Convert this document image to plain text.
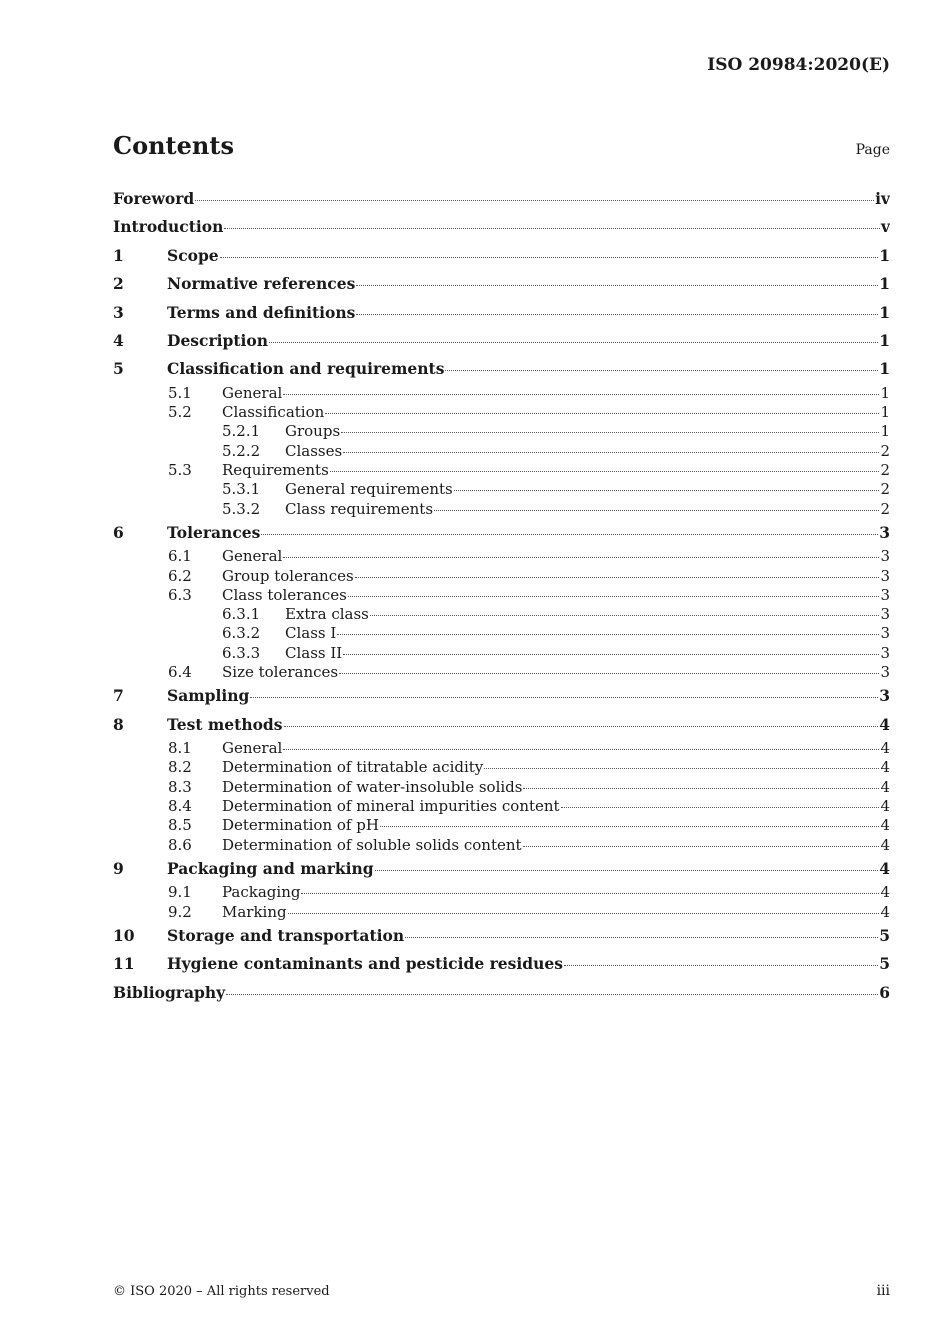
ISO 20984:2020(E)
Contents	Page
Foreword	iv
Introduction	v
1	Scope	1
2	Normative references	1
3	Terms and definitions	1
4	Description	1
5	Classification and requirements	1
5.1	General	1
5.2	Classification	1
5.2.1	Groups	1
5.2.2	Classes	2
5.3	Requirements	2
5.3.1	General requirements	2
5.3.2	Class requirements	2
6	Tolerances	3
6.1	General	3
6.2	Group tolerances	3
6.3	Class tolerances	3
6.3.1	Extra class	3
6.3.2	Class I	3
6.3.3	Class II	3
6.4	Size tolerances	3
7	Sampling	3
8	Test methods	4
8.1	General	4
8.2	Determination of titratable acidity	4
8.3	Determination of water-insoluble solids	4
8.4	Determination of mineral impurities content	4
8.5	Determination of pH	4
8.6	Determination of soluble solids content	4
9	Packaging and marking	4
9.1	Packaging	4
9.2	Marking	4
10	Storage and transportation	5
11	Hygiene contaminants and pesticide residues	5
Bibliography	6
© ISO 2020 – All rights reserved	iii
